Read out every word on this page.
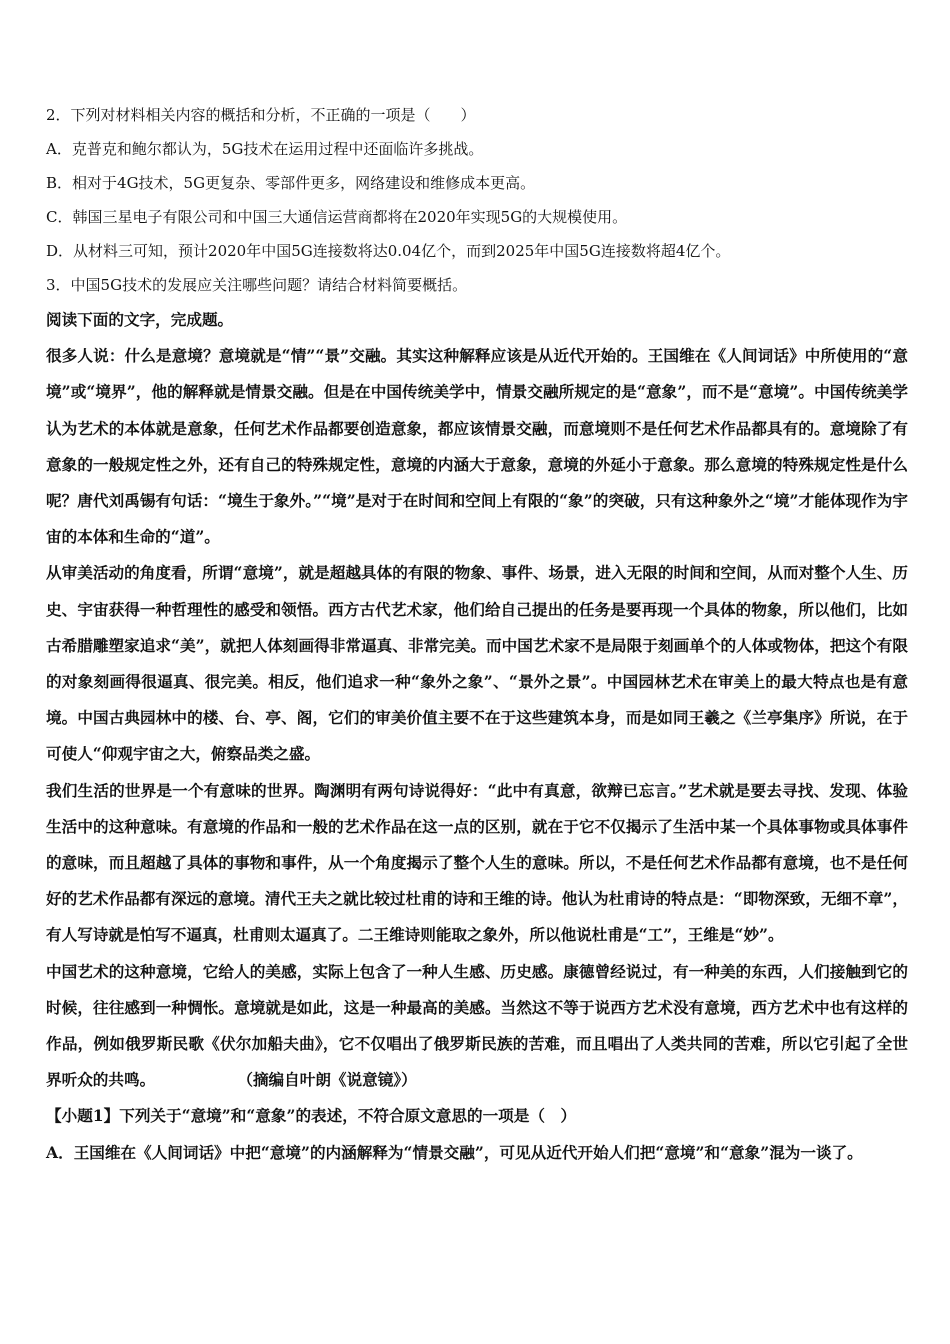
2．下列对材料相关内容的概括和分析，不正确的一项是（　　）

A．克普克和鲍尔都认为，5G技术在运用过程中还面临许多挑战。

B．相对于4G技术，5G更复杂、零部件更多，网络建设和维修成本更高。

C．韩国三星电子有限公司和中国三大通信运营商都将在2020年实现5G的大规模使用。

D．从材料三可知，预计2020年中国5G连接数将达0.04亿个，而到2025年中国5G连接数将超4亿个。

3．中国5G技术的发展应关注哪些问题？请结合材料简要概括。

阅读下面的文字，完成题。

很多人说：什么是意境？意境就是“情”“景”交融。其实这种解释应该是从近代开始的。王国维在《人间词话》中所使用的“意境”或“境界”，他的解释就是情景交融。但是在中国传统美学中，情景交融所规定的是“意象”，而不是“意境”。中国传统美学认为艺术的本体就是意象，任何艺术作品都要创造意象，都应该情景交融，而意境则不是任何艺术作品都具有的。意境除了有意象的一般规定性之外，还有自己的特殊规定性，意境的内涵大于意象，意境的外延小于意象。那么意境的特殊规定性是什么呢？唐代刘禹锡有句话：“境生于象外。”“境”是对于在时间和空间上有限的“象”的突破，只有这种象外之“境”才能体现作为宇宙的本体和生命的“道”。

从审美活动的角度看，所谓“意境”，就是超越具体的有限的物象、事件、场景，进入无限的时间和空间，从而对整个人生、历史、宇宙获得一种哲理性的感受和领悟。西方古代艺术家，他们给自己提出的任务是要再现一个具体的物象，所以他们，比如古希腊雕塑家追求“美”，就把人体刻画得非常逼真、非常完美。而中国艺术家不是局限于刻画单个的人体或物体，把这个有限的对象刻画得很逼真、很完美。相反，他们追求一种“象外之象”、“景外之景”。中国园林艺术在审美上的最大特点也是有意境。中国古典园林中的楼、台、亭、阁，它们的审美价值主要不在于这些建筑本身，而是如同王羲之《兰亭集序》所说，在于可使人“仰观宇宙之大，俯察品类之盛。

我们生活的世界是一个有意味的世界。陶渊明有两句诗说得好：“此中有真意，欲辩已忘言。”艺术就是要去寻找、发现、体验生活中的这种意味。有意境的作品和一般的艺术作品在这一点的区别，就在于它不仅揭示了生活中某一个具体事物或具体事件的意味，而且超越了具体的事物和事件，从一个角度揭示了整个人生的意味。所以，不是任何艺术作品都有意境，也不是任何好的艺术作品都有深远的意境。清代王夫之就比较过杜甫的诗和王维的诗。他认为杜甫诗的特点是：“即物深致，无细不章”，有人写诗就是怕写不逼真，杜甫则太逼真了。二王维诗则能取之象外，所以他说杜甫是“工”，王维是“妙”。

中国艺术的这种意境，它给人的美感，实际上包含了一种人生感、历史感。康德曾经说过，有一种美的东西，人们接触到它的时候，往往感到一种惆怅。意境就是如此，这是一种最高的美感。当然这不等于说西方艺术没有意境，西方艺术中也有这样的作品，例如俄罗斯民歌《伏尔加船夫曲》，它不仅唱出了俄罗斯民族的苦难，而且唱出了人类共同的苦难，所以它引起了全世界听众的共鸣。	（摘编自叶朗《说意镜》）

【小题1】下列关于“意境”和“意象”的表述，不符合原文意思的一项是（　）

A．王国维在《人间词话》中把“意境”的内涵解释为“情景交融”，可见从近代开始人们把“意境”和“意象”混为一谈了。
